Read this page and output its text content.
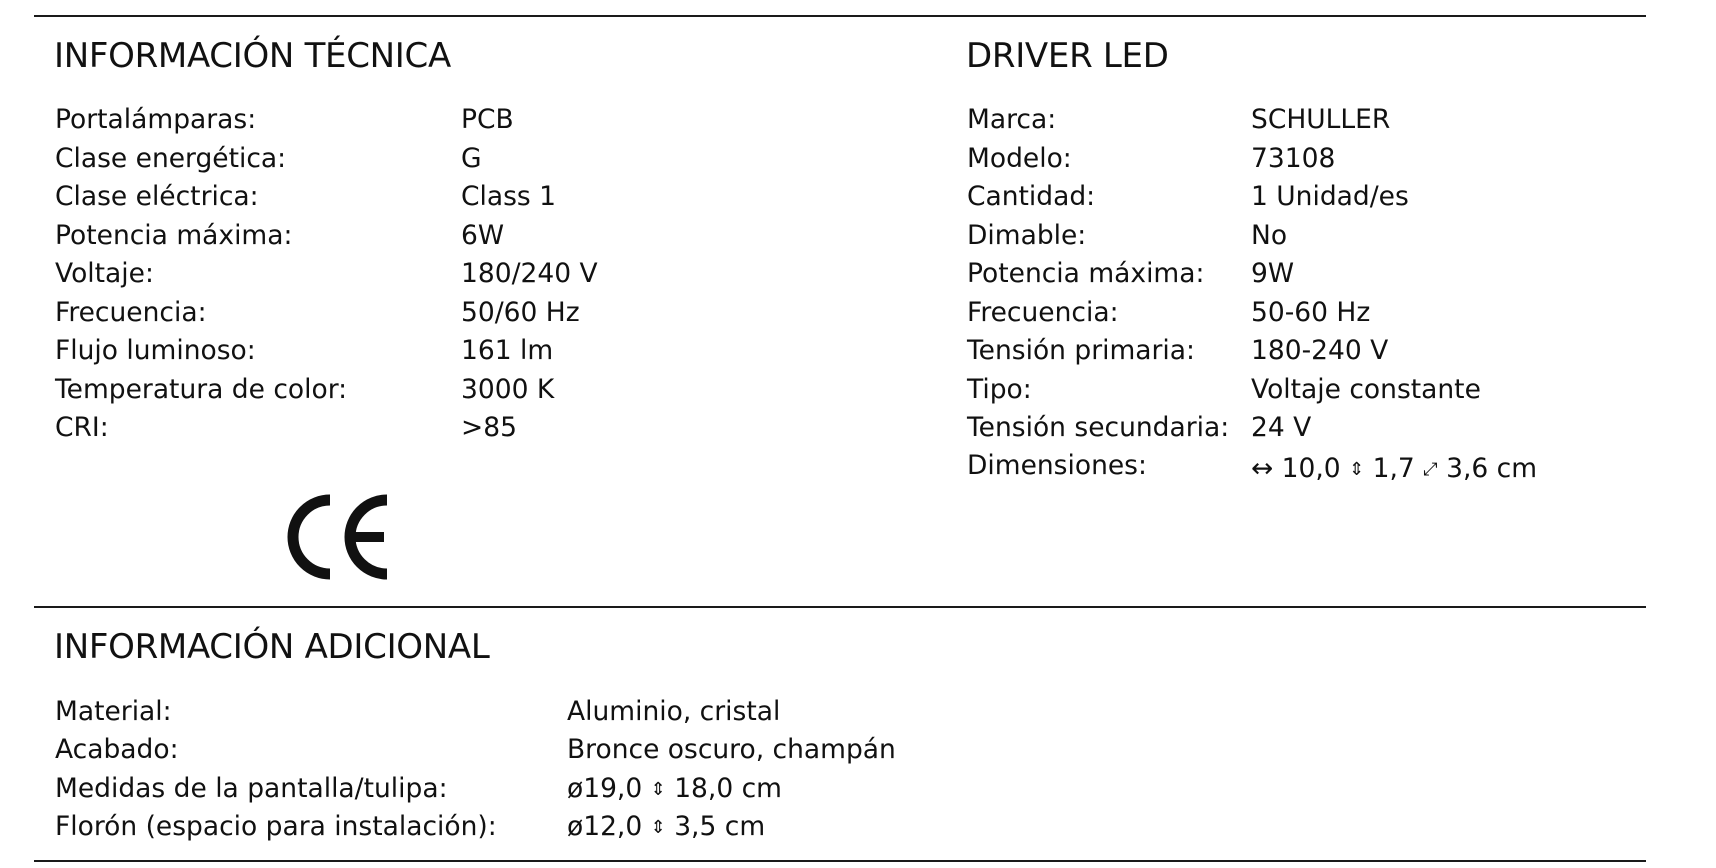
INFORMACIÓN TÉCNICA
Portalámparas:	PCB
Clase energética:	G
Clase eléctrica:	Class 1
Potencia máxima:	6W
Voltaje:	180/240 V
Frecuencia:	50/60 Hz
Flujo luminoso:	161 lm
Temperatura de color:	3000 K
CRI:	>85
DRIVER LED
Marca:	SCHULLER
Modelo:	73108
Cantidad:	1 Unidad/es
Dimable:	No
Potencia máxima: 9W
Frecuencia:	50-60 Hz
Tensión primaria: 180-240 V
Tipo:	Voltaje constante
Tensión secundaria: 24 V
Dimensiones:	↔ 10,0 ⇕ 1,7 ⤢ 3,6 cm
INFORMACIÓN ADICIONAL
Material:	Aluminio, cristal
Acabado:	Bronce oscuro, champán
Medidas de la pantalla/tulipa:	ø19,0 ⇕ 18,0 cm
Florón (espacio para instalación):	ø12,0 ⇕ 3,5 cm
